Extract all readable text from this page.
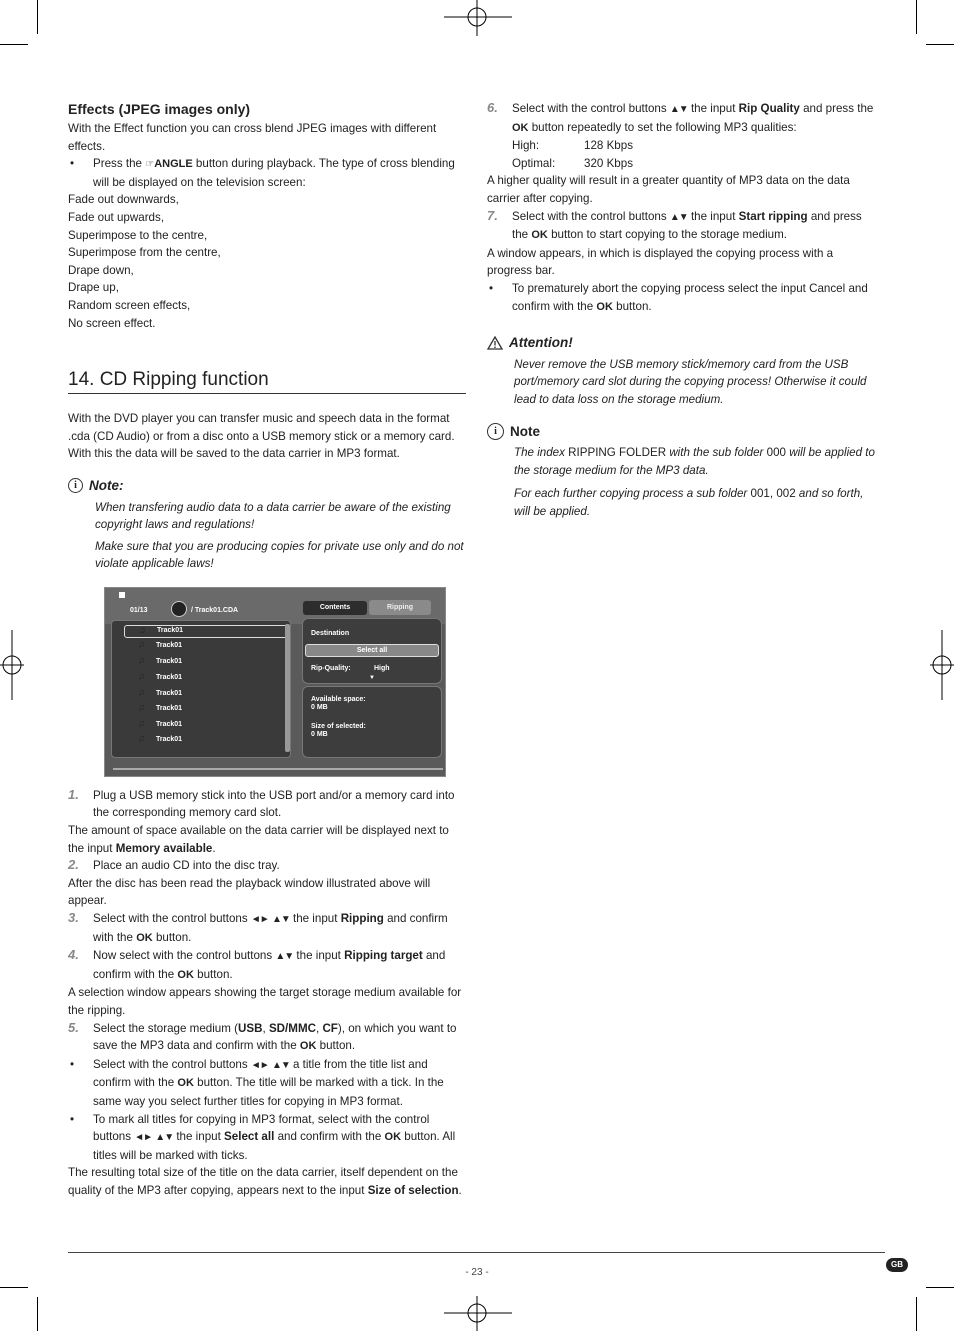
Effects (JPEG images only)

With the Effect function you can cross blend JPEG images with different effects.

• Press the ☞ANGLE button during playback. The type of cross blending will be displayed on the television screen:

Fade out downwards,

Fade out upwards,

Superimpose to the centre,

Superimpose from the centre,

Drape down,

Drape up,

Random screen effects,

No screen effect.

14. CD Ripping function

With the DVD player you can transfer music and speech data in the format .cda (CD Audio) or from a disc onto a USB memory stick or a memory card. With this the data will be saved to the data carrier in MP3 format.

i Note:

When transfering audio data to a data carrier be aware of the existing copyright laws and regulations!

Make sure that you are producing copies for private use only and do not violate applicable laws!

01/13	/ Track01.CDA	Contents	Ripping
♫ Track01
♫ Track01
♫ Track01
♫ Track01
♫ Track01
♫ Track01
♫ Track01
♫ Track01
Destination
Select all
Rip-Quality:	High
▼
Available space:
0 MB
Size of selected:
0 MB

1. Plug a USB memory stick into the USB port and/or a memory card into the corresponding memory card slot.

The amount of space available on the data carrier will be displayed next to the input Memory available.

2. Place an audio CD into the disc tray.

After the disc has been read the playback window illustrated above will appear.

3. Select with the control buttons ◄► ▲▼ the input Ripping and confirm with the OK button.

4. Now select with the control buttons ▲▼ the input Ripping target and confirm with the OK button.

A selection window appears showing the target storage medium available for the ripping.

5. Select the storage medium (USB, SD/MMC, CF), on which you want to save the MP3 data and confirm with the OK button.

• Select with the control buttons ◄► ▲▼ a title from the title list and confirm with the OK button. The title will be marked with a tick. In the same way you select further titles for copying in MP3 format.

• To mark all titles for copying in MP3 format, select with the control buttons ◄► ▲▼ the input Select all and confirm with the OK button. All titles will be marked with ticks.

The resulting total size of the title on the data carrier, itself dependent on the quality of the MP3 after copying, appears next to the input Size of selection.

6. Select with the control buttons ▲▼ the input Rip Quality and press the OK button repeatedly to set the following MP3 qualities:

High:	128 Kbps
Optimal:	320 Kbps

A higher quality will result in a greater quantity of MP3 data on the data carrier after copying.

7. Select with the control buttons ▲▼ the input Start ripping and press the OK button to start copying to the storage medium.

A window appears, in which is displayed the copying process with a progress bar.

• To prematurely abort the copying process select the input Cancel and confirm with the OK button.

Attention!

Never remove the USB memory stick/memory card from the USB port/memory card slot during the copying process! Otherwise it could lead to data loss on the storage medium.

i Note

The index RIPPING FOLDER with the sub folder 000 will be applied to the storage medium for the MP3 data.

For each further copying process a sub folder 001, 002 and so forth, will be applied.

- 23 -
GB
